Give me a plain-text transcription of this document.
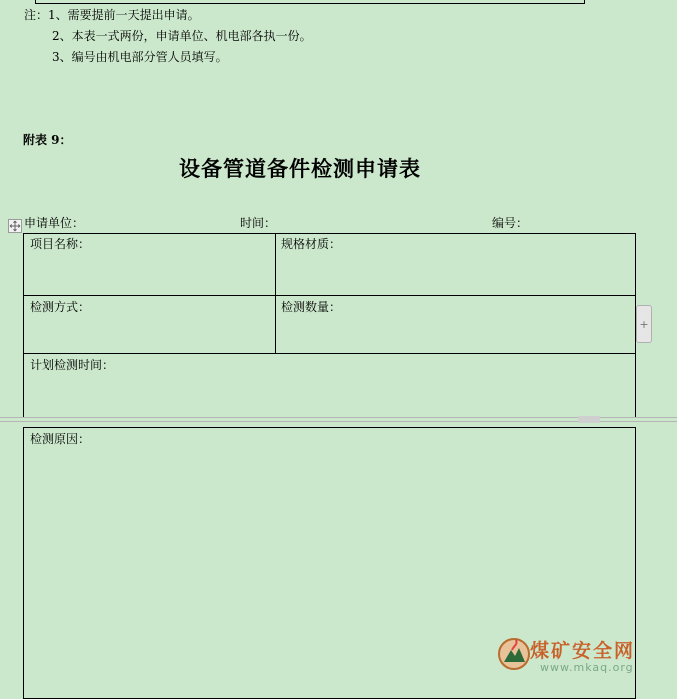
注：1、需要提前一天提出申请。
2、本表一式两份，申请单位、机电部各执一份。
3、编号由机电部分管人员填写。
附表 9：
设备管道备件检测申请表
申请单位：	时间：	编号：
项目名称：	规格材质：
检测方式：	检测数量：
计划检测时间：
+
检测原因：
煤矿安全网
www.mkaq.org
